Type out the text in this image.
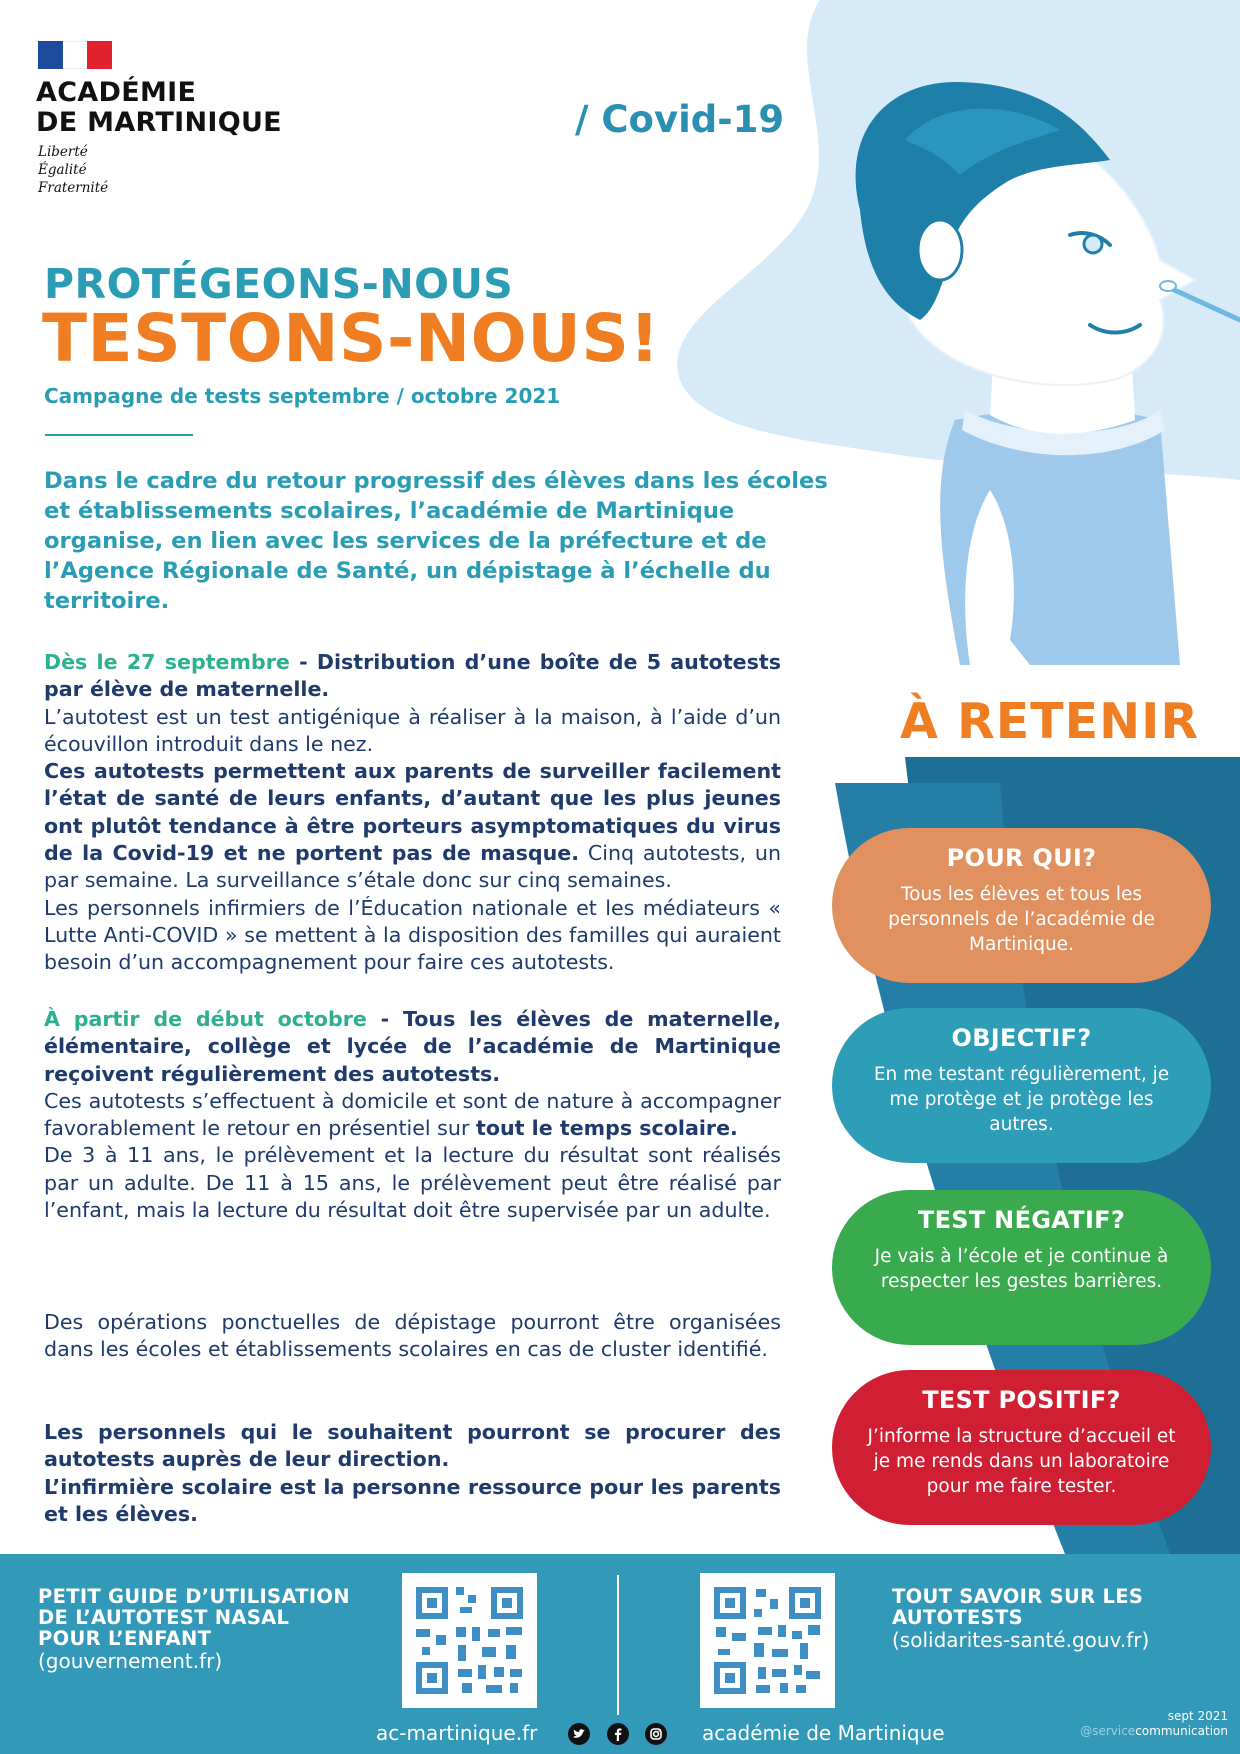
ACADÉMIE
DE MARTINIQUE
Liberté
Égalité
Fraternité
/ Covid-19
PROTÉGEONS-NOUS
TESTONS-NOUS!
Campagne de tests septembre / octobre 2021
Dans le cadre du retour progressif des élèves dans les écoles et établissements scolaires, l’académie de Martinique organise, en lien avec les services de la préfecture et de l’Agence Régionale de Santé, un dépistage à l’échelle du territoire.

Dès le 27 septembre - Distribution d’une boîte de 5 autotests par élève de maternelle.

L’autotest est un test antigénique à réaliser à la maison, à l’aide d’un écouvillon introduit dans le nez.

Ces autotests permettent aux parents de surveiller facilement l’état de santé de leurs enfants, d’autant que les plus jeunes ont plutôt tendance à être porteurs asymptomatiques du virus de la Covid-19 et ne portent pas de masque. Cinq autotests, un par semaine. La surveillance s’étale donc sur cinq semaines.

Les personnels infirmiers de l’Éducation nationale et les médiateurs « Lutte Anti-COVID » se mettent à la disposition des familles qui auraient besoin d’un accompagnement pour faire ces autotests.

À partir de début octobre - Tous les élèves de maternelle, élémentaire, collège et lycée de l’académie de Martinique reçoivent régulièrement des autotests.

Ces autotests s’effectuent à domicile et sont de nature à accompagner favorablement le retour en présentiel sur tout le temps scolaire.

De 3 à 11 ans, le prélèvement et la lecture du résultat sont réalisés par un adulte. De 11 à 15 ans, le prélèvement peut être réalisé par l’enfant, mais la lecture du résultat doit être supervisée par un adulte.

Des opérations ponctuelles de dépistage pourront être organisées dans les écoles et établissements scolaires en cas de cluster identifié.

Les personnels qui le souhaitent pourront se procurer des autotests auprès de leur direction.

L’infirmière scolaire est la personne ressource pour les parents et les élèves.

À RETENIR
POUR QUI?

Tous les élèves et tous les personnels de l’académie de Martinique.

OBJECTIF?

En me testant régulièrement, je me protège et je protège les autres.

TEST NÉGATIF?

Je vais à l’école et je continue à respecter les gestes barrières.

TEST POSITIF?

J’informe la structure d’accueil et je me rends dans un laboratoire pour me faire tester.

PETIT GUIDE D’UTILISATION
DE L’AUTOTEST NASAL
POUR L’ENFANT
(gouvernement.fr)
TOUT SAVOIR SUR LES
AUTOTESTS
(solidarites-santé.gouv.fr)
ac-martinique.fr	académie de Martinique
sept 2021
@servicecommunication
